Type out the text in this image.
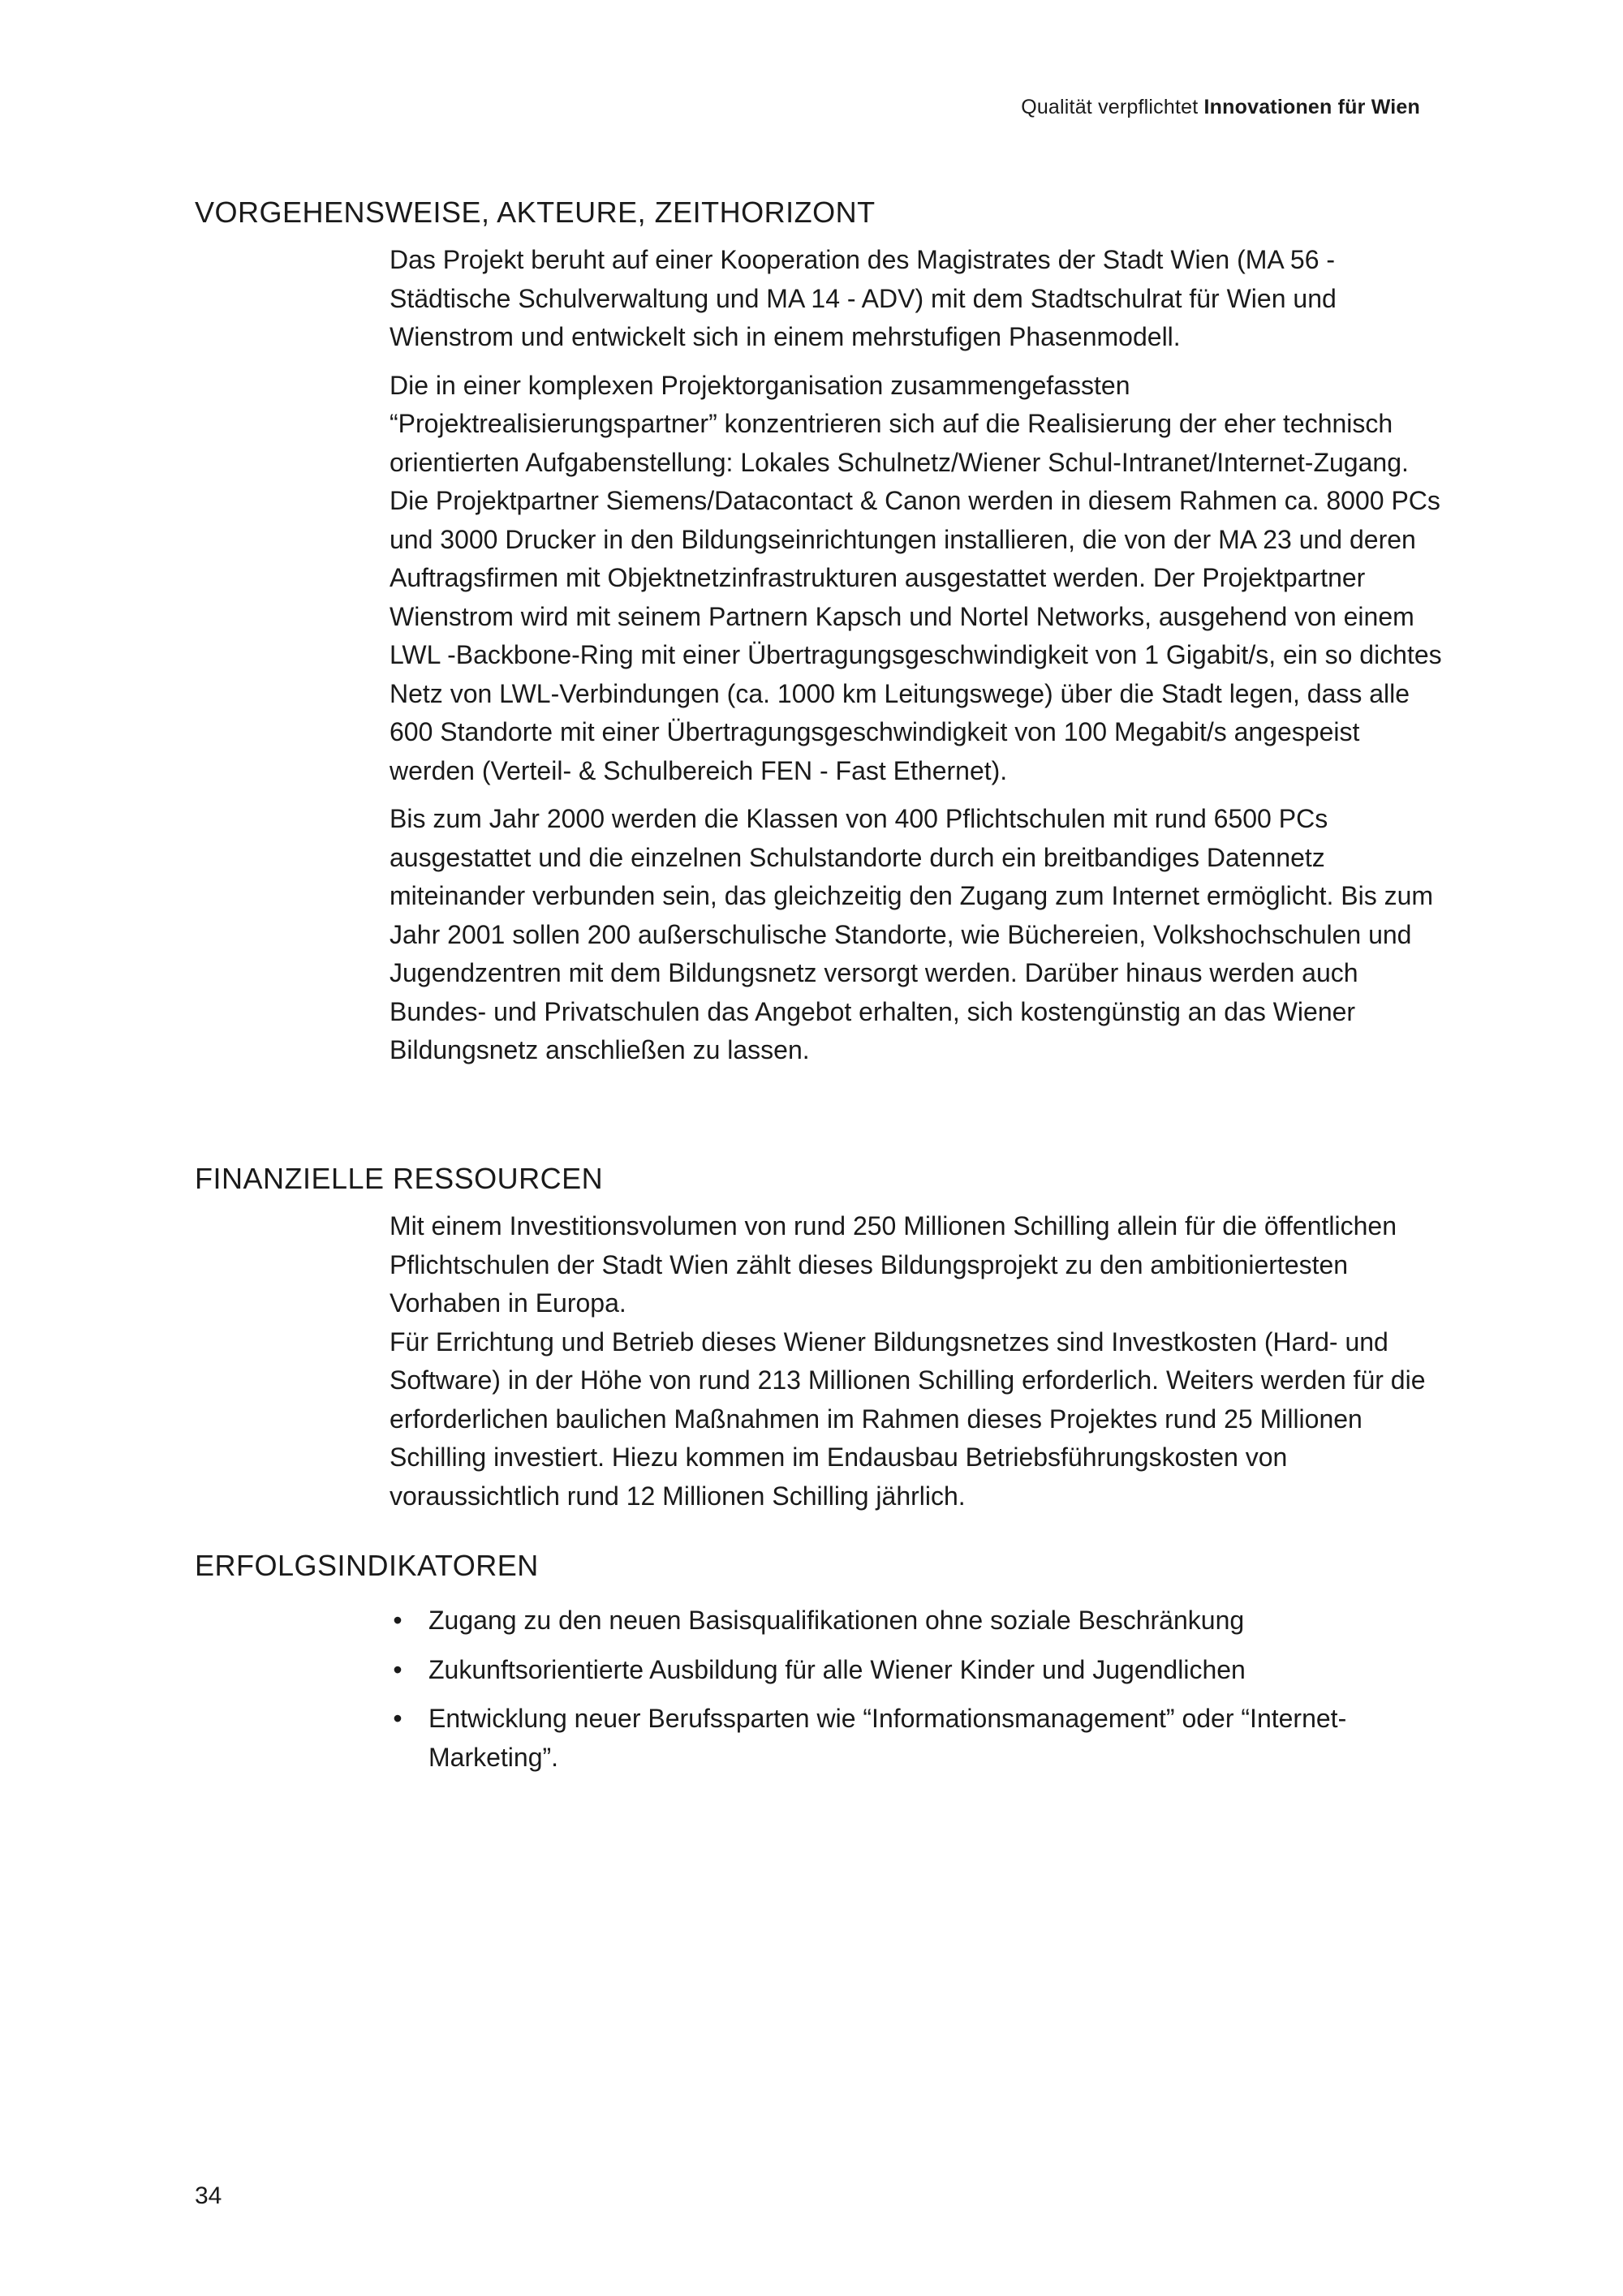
Qualität verpflichtet Innovationen für Wien
VORGEHENSWEISE, AKTEURE, ZEITHORIZONT

Das Projekt beruht auf einer Kooperation des Magistrates der Stadt Wien (MA 56 - Städtische Schulverwaltung und MA 14 - ADV) mit dem Stadtschulrat für Wien und Wienstrom und entwickelt sich in einem mehrstufigen Phasenmodell.

Die in einer komplexen Projektorganisation zusammengefassten “Projektrealisierungspartner” konzentrieren sich auf die Realisierung der eher technisch orientierten Aufgabenstellung: Lokales Schulnetz/Wiener Schul-Intranet/Internet-Zugang. Die Projektpartner Siemens/Datacontact & Canon werden in diesem Rahmen ca. 8000 PCs und 3000 Drucker in den Bildungseinrichtungen installieren, die von der MA 23 und deren Auftragsfirmen mit Objektnetzinfrastrukturen ausgestattet werden. Der Projektpartner Wienstrom wird mit seinem Partnern Kapsch und Nortel Networks, ausgehend von einem LWL -Backbone-Ring mit einer Übertragungsgeschwindigkeit von 1 Gigabit/s, ein so dichtes Netz von LWL-Verbindungen (ca. 1000 km Leitungswege) über die Stadt legen, dass alle 600 Standorte mit einer Übertragungsgeschwindigkeit von 100 Megabit/s angespeist werden (Verteil- & Schulbereich FEN - Fast Ethernet).

Bis zum Jahr 2000 werden die Klassen von 400 Pflichtschulen mit rund 6500 PCs ausgestattet und die einzelnen Schulstandorte durch ein breitbandiges Datennetz miteinander verbunden sein, das gleichzeitig den Zugang zum Internet ermöglicht. Bis zum Jahr 2001 sollen 200 außerschulische Standorte, wie Büchereien, Volkshochschulen und Jugendzentren mit dem Bildungsnetz versorgt werden. Darüber hinaus werden auch Bundes- und Privatschulen das Angebot erhalten, sich kostengünstig an das Wiener Bildungsnetz anschließen zu lassen.

FINANZIELLE RESSOURCEN

Mit einem Investitionsvolumen von rund 250 Millionen Schilling allein für die öffentlichen Pflichtschulen der Stadt Wien zählt dieses Bildungsprojekt zu den ambitioniertesten Vorhaben in Europa.

Für Errichtung und Betrieb dieses Wiener Bildungsnetzes sind Investkosten (Hard- und Software) in der Höhe von rund 213 Millionen Schilling erforderlich. Weiters werden für die erforderlichen baulichen Maßnahmen im Rahmen dieses Projektes rund 25 Millionen Schilling investiert. Hiezu kommen im Endausbau Betriebsführungskosten von voraussichtlich rund 12 Millionen Schilling jährlich.

ERFOLGSINDIKATOREN
• Zugang zu den neuen Basisqualifikationen ohne soziale Beschränkung
• Zukunftsorientierte Ausbildung für alle Wiener Kinder und Jugendlichen
• Entwicklung neuer Berufssparten wie “Informationsmanagement” oder “Internet-Marketing”.
34
